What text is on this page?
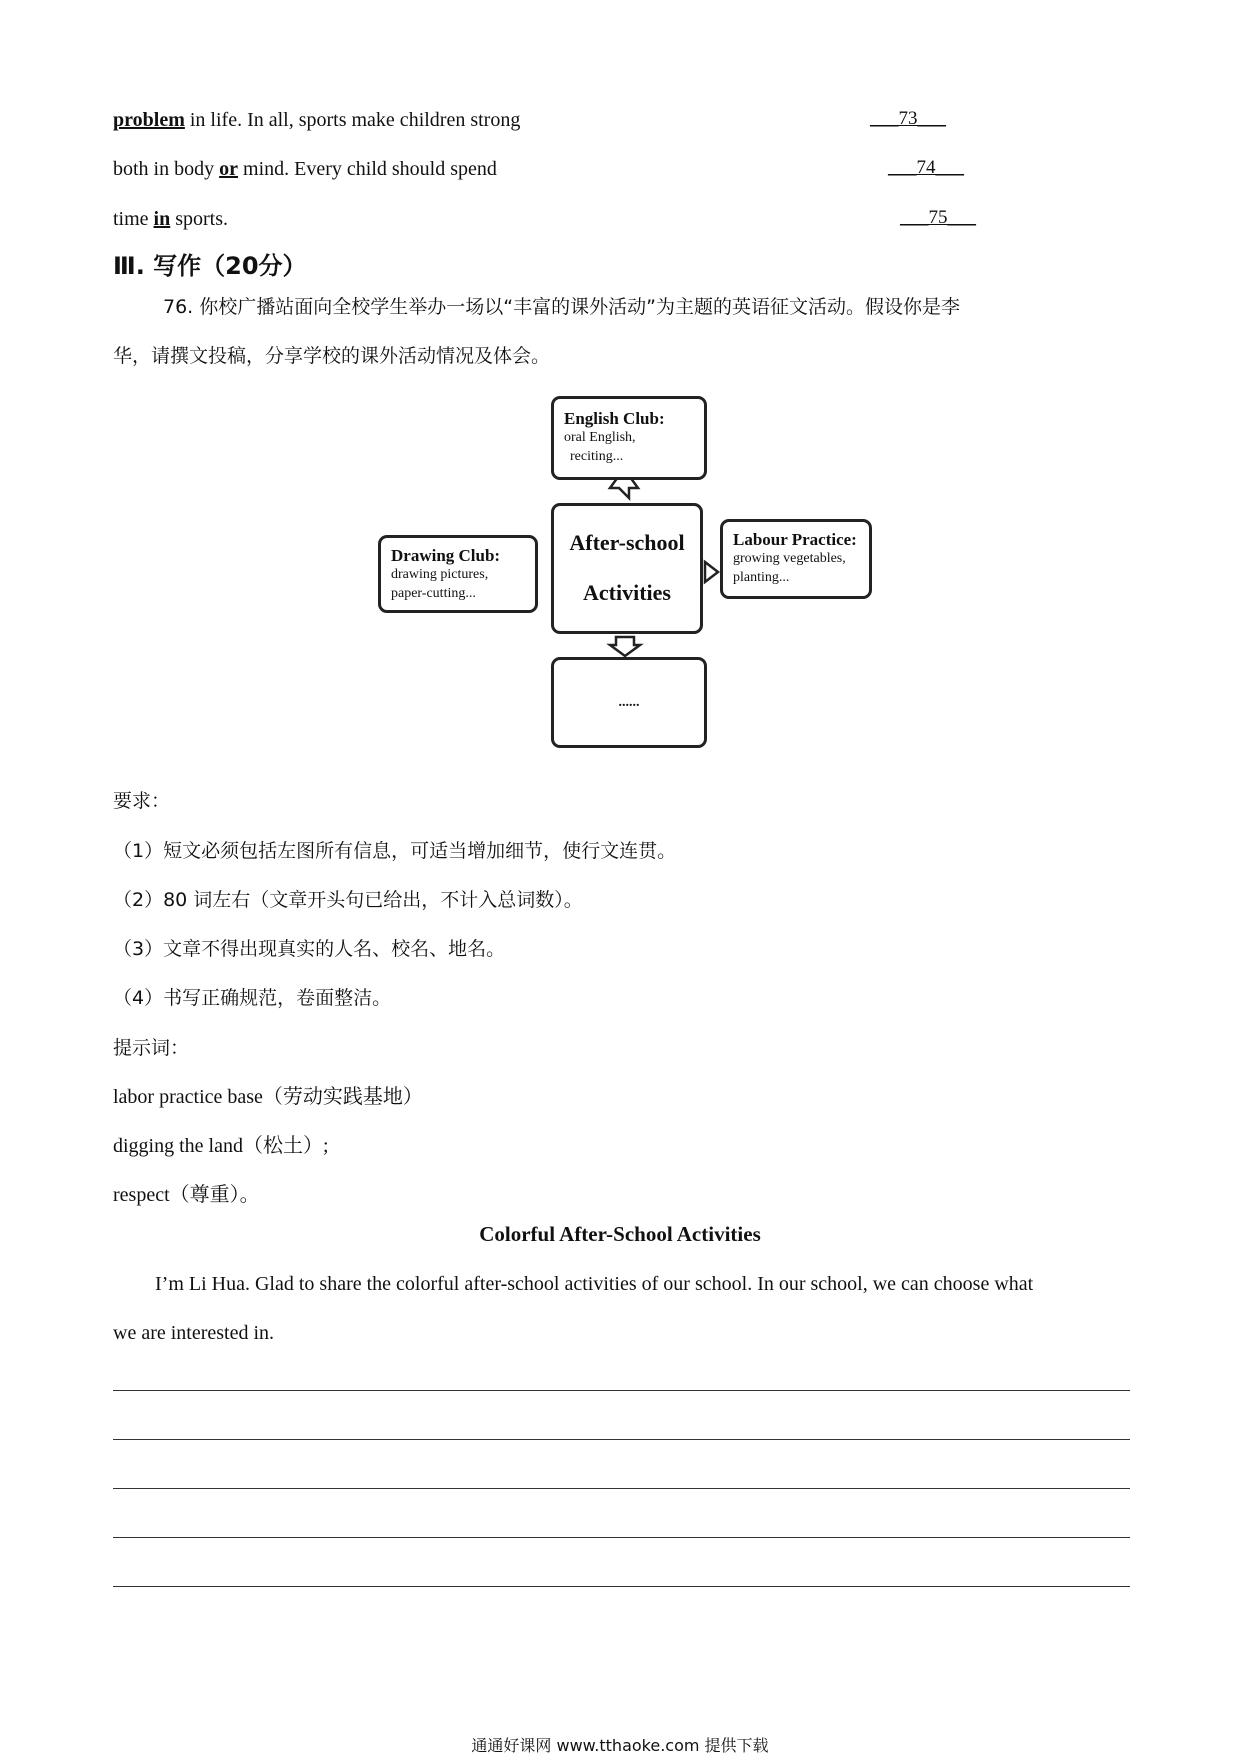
problem in life. In all, sports make children strong	___73___
both in body or mind. Every child should spend	___74___
time in sports.	___75___
Ⅲ. 写作（20分）
76. 你校广播站面向全校学生举办一场以“丰富的课外活动”为主题的英语征文活动。假设你是李
华，请撰文投稿，分享学校的课外活动情况及体会。
English Club:
oral English,
reciting...
After-school
Activities
Drawing Club:
drawing pictures,
paper-cutting...
Labour Practice:
growing vegetables,
planting...
......
要求：
（1）短文必须包括左图所有信息，可适当增加细节，使行文连贯。
（2）80 词左右（文章开头句已给出，不计入总词数）。
（3）文章不得出现真实的人名、校名、地名。
（4）书写正确规范，卷面整洁。
提示词：
labor practice base（劳动实践基地）
digging the land（松土）;
respect（尊重）。
Colorful After-School Activities
I’m Li Hua. Glad to share the colorful after-school activities of our school. In our school, we can choose what
we are interested in.
通通好课网 www.tthaoke.com 提供下载
